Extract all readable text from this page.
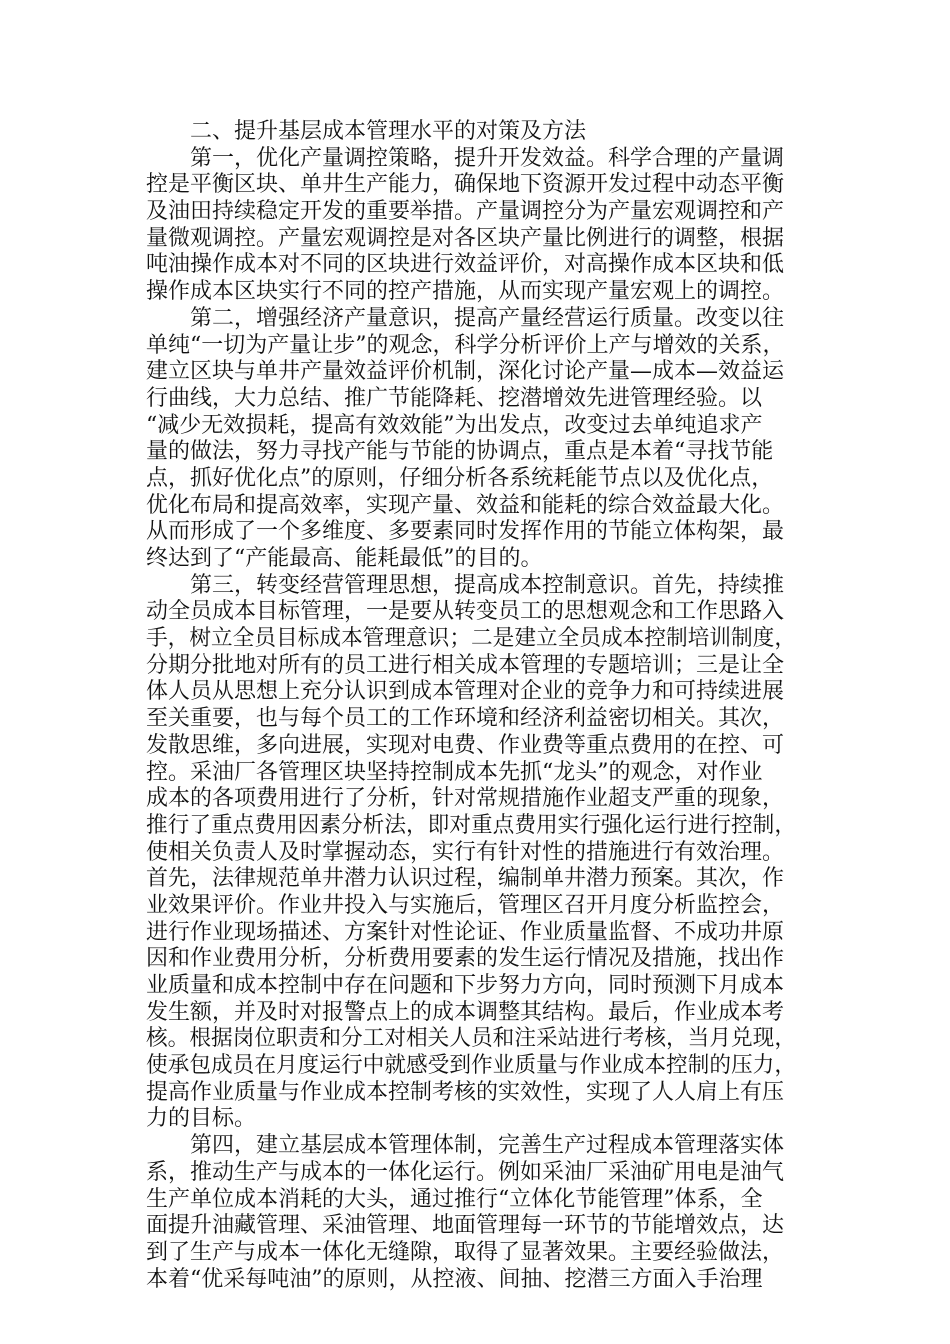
二、提升基层成本管理水平的对策及方法
第一，优化产量调控策略，提升开发效益。科学合理的产量调
控是平衡区块、单井生产能力，确保地下资源开发过程中动态平衡
及油田持续稳定开发的重要举措。产量调控分为产量宏观调控和产
量微观调控。产量宏观调控是对各区块产量比例进行的调整，根据
吨油操作成本对不同的区块进行效益评价，对高操作成本区块和低
操作成本区块实行不同的控产措施，从而实现产量宏观上的调控。
第二，增强经济产量意识，提高产量经营运行质量。改变以往
单纯“一切为产量让步”的观念，科学分析评价上产与增效的关系，
建立区块与单井产量效益评价机制，深化讨论产量—成本—效益运
行曲线，大力总结、推广节能降耗、挖潜增效先进管理经验。以
“减少无效损耗，提高有效效能”为出发点，改变过去单纯追求产
量的做法，努力寻找产能与节能的协调点，重点是本着“寻找节能
点，抓好优化点”的原则，仔细分析各系统耗能节点以及优化点，
优化布局和提高效率，实现产量、效益和能耗的综合效益最大化。
从而形成了一个多维度、多要素同时发挥作用的节能立体构架，最
终达到了“产能最高、能耗最低”的目的。
第三，转变经营管理思想，提高成本控制意识。首先，持续推
动全员成本目标管理，一是要从转变员工的思想观念和工作思路入
手，树立全员目标成本管理意识；二是建立全员成本控制培训制度，
分期分批地对所有的员工进行相关成本管理的专题培训；三是让全
体人员从思想上充分认识到成本管理对企业的竞争力和可持续进展
至关重要，也与每个员工的工作环境和经济利益密切相关。其次，
发散思维，多向进展，实现对电费、作业费等重点费用的在控、可
控。采油厂各管理区块坚持控制成本先抓“龙头”的观念，对作业
成本的各项费用进行了分析，针对常规措施作业超支严重的现象，
推行了重点费用因素分析法，即对重点费用实行强化运行进行控制，
使相关负责人及时掌握动态，实行有针对性的措施进行有效治理。
首先，法律规范单井潜力认识过程，编制单井潜力预案。其次，作
业效果评价。作业井投入与实施后，管理区召开月度分析监控会，
进行作业现场描述、方案针对性论证、作业质量监督、不成功井原
因和作业费用分析，分析费用要素的发生运行情况及措施，找出作
业质量和成本控制中存在问题和下步努力方向，同时预测下月成本
发生额，并及时对报警点上的成本调整其结构。最后，作业成本考
核。根据岗位职责和分工对相关人员和注采站进行考核，当月兑现，
使承包成员在月度运行中就感受到作业质量与作业成本控制的压力，
提高作业质量与作业成本控制考核的实效性，实现了人人肩上有压
力的目标。
第四，建立基层成本管理体制，完善生产过程成本管理落实体
系，推动生产与成本的一体化运行。例如采油厂采油矿用电是油气
生产单位成本消耗的大头，通过推行“立体化节能管理”体系，全
面提升油藏管理、采油管理、地面管理每一环节的节能增效点，达
到了生产与成本一体化无缝隙，取得了显著效果。主要经验做法，
本着“优采每吨油”的原则，从控液、间抽、挖潜三方面入手治理
